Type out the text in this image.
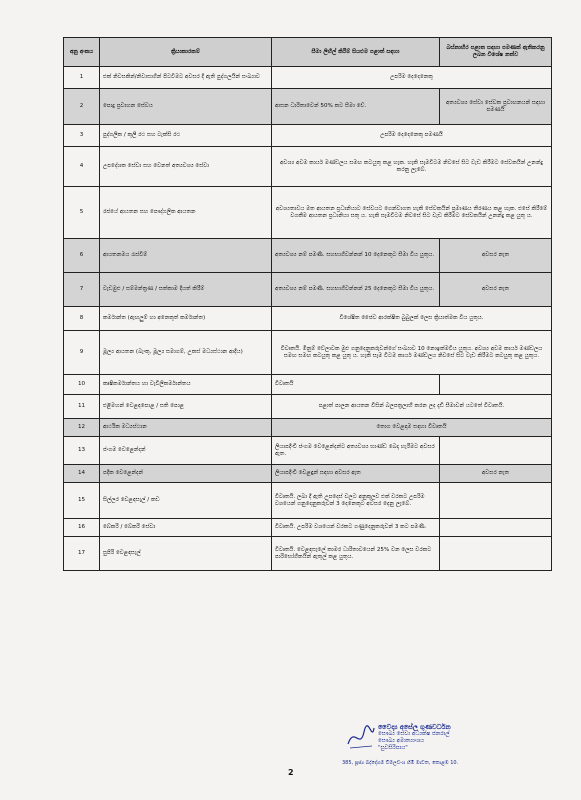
අනු අංකය	ක්‍රියාකාරකම්	සීමා ලිහිල් කිරීම් සියළුම පළාත් සඳහා	බස්නාහිර පළාත සඳහා පමණක් ඇතිකරනු ලබන විශේෂ නත්ව
1	එක් නිවසකින්/නිවාසාගින් පිටවීමට අවසර දී ඇති පුද්ගලයින් සංඛ්‍යාව	උපරිම දෙදෙනෙකු	
2	පොදු ප්‍රවාහන සේවය	ආසන ධාරිතාවෙන් 50% කට සීමා වේ.	අත්‍යවශ්‍ය සේවා සේවක ප්‍රවාහනයන් සඳහා පමණයි
3	පුද්ගලික / කුලී රථ සහ ටැක්සි රථ	උපරිම දෙදෙනෙකු පමණයි	
4	උපදේශක සේවා සහ වෙනත් අත්‍යවශ්‍ය සේවා	අවශ්‍ය අවම කාර්ය මණ්ඩලය සමඟ කටයුතු කළ හැක. හැකි සෑමවිටම නිවසේ සිට වැඩ කිරීමට සේවකයින් උනන්දු කරනු ලැබේ.	
5	රජයේ ආයතන සහ පෞද්ගලික ආයතන	අවශ්‍යතාවය මත ආයතන ප්‍රධානියාට සේවයට ගෙන්වාගත හැකි සේවකයින් ප්‍රමාණය තීරණය කළ හැක. එසේ කිරීමේ වගකීම ආයතන ප්‍රධානියා සතු ය. හැකි සෑමවිටම නිවසේ සිට වැඩ කිරීමට සේවකයින් උනන්දු කළ යුතු ය.	
6	ආයතනමය රැස්වීම්	අත්‍යවශ්‍ය නම් පමණි. සහභාගිවන්නන් 10 දෙනෙකුට සීමා විය යුතුය.	අවසර නැත
7	වැඩමුළු / සම්මන්ත්‍රණ / සත්කාම දියත් කිරීම්	අත්‍යවශ්‍ය නම් පමණි. සහභාගිවන්නන් 25 දෙනෙකුට සීමා විය යුතුය.	අවසර නැත
8	කර්මාන්ත (ඇඟලුම් හා අනෙකුත් කර්මාන්ත)	විශේෂිත ජෛව ආරක්ෂිත බුබුලක් ලෙස ක්‍රියාත්මක විය යුතුය.	
9	මූල්‍ය ආයතන (බැංකු, මූල්‍ය සමාගම්, උකස් මධ්‍යස්ථාන ආදිය)	විවෘතයි. මිනුම් වේලාවක මුළු ගනුදෙනුකරුවන්ගේ සංඛ්‍යාව 10 නොඉක්මවිය යුතුය. අවශ්‍ය අවම කාර්ය මණ්ඩලය සමඟ සමඟ කටයුතු කළ යුතු ය. හැකි සෑම විටම කාර්ය මණ්ඩලය නිවසේ සිට වැඩ කිරීමට කටයුතු කළ යුතුය.	
10	කෘෂිකර්මාන්තය හා වැවිලිකර්මාන්තය	විවෘතයි	
11	එළිමහන් වෙළඳපොළ / සති පොළ	පළාත් පාලන ආයතන විසින් බලපත්‍රලාභී කරන ලද දැඩි සීමාවන් යටතේ විවෘතයි.	
12	ආර්ථික මධ්‍යස්ථාන	තොග වෙළඳාම සඳහා විවෘතයි	
13	ජංගම වෙළෙන්දන්	ලියාපදිංචි ජංගම වෙළෙන්දන්ට අත්‍යවශ්‍ය භාණ්ඩ බෙදා හැරීමට අවසර ඇත.	
14	පදික වෙළෙන්දන්	ලියාපදිංචි වෙළඳුන් සඳහා අවසර ඇත	අවසර නැත
15	සිල්ලර වෙළඳසැල් / කඩ	විවෘතයි. ලබා දී ඇති උපදෙස් වලට අනුකූලව එක් වරකට උපරිම වශයෙන් ගනුදෙනුකරුවන් 3 දෙනෙකුට අවසර දෙනු ලැබේ.	
16	බේකරි / බේකරි සේවා	විවෘතයි. උපරිම වශයෙන් වරකට ගණුදෙනුකරුවන් 3 කට පමණි.	
17	සුපිරි වෙළඳසැල්	විවෘතයි. වෙළඳසැලේ කාමර ධාරිතාවයෙන් 25% වන ලෙස වරකට පාරිභෝගිකයින් ඇතුල් කළ යුතුය.	
2
වෛද්‍ය අසේල ගුණවර්ධන
සෞඛ්‍ය සේවා අධ්‍යක්ෂ ජනරාල්
සෞඛ්‍ය අමාත්‍යාංශය
"සුවසිරිපාය"
385, පූජ්‍ය බද්දේගම විමලවංශ හිමි මාවත, කොළඹ 10.
